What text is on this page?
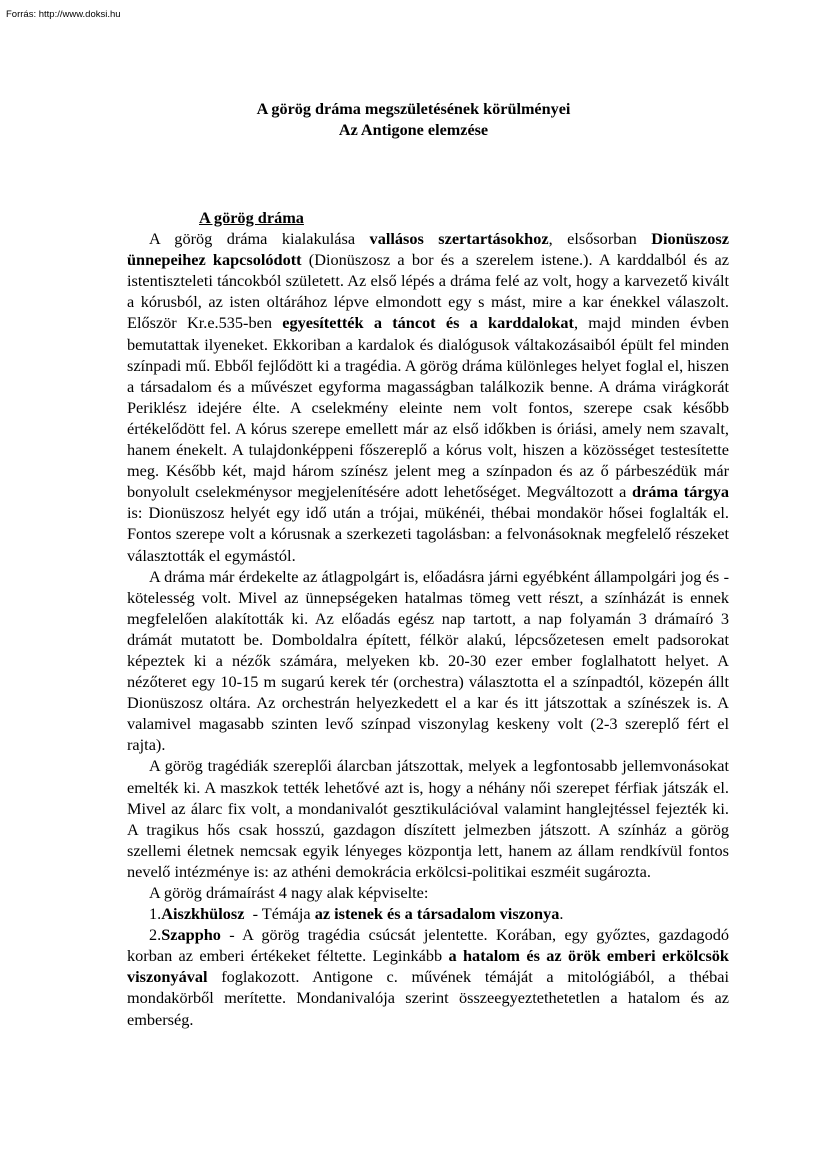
Forrás: http://www.doksi.hu
A görög dráma megszületésének körülményei
Az Antigone elemzése
A görög dráma

A görög dráma kialakulása vallásos szertartásokhoz, elsősorban Dionüszosz ünnepeihez kapcsolódott (Dionüszosz a bor és a szerelem istene.). A karddalból és az istentiszteleti táncokból született. Az első lépés a dráma felé az volt, hogy a karvezető kivált a kórusból, az isten oltárához lépve elmondott egy s mást, mire a kar énekkel válaszolt. Először Kr.e.535-ben egyesítették a táncot és a karddalokat, majd minden évben bemutattak ilyeneket. Ekkoriban a kardalok és dialógusok váltakozásaiból épült fel minden színpadi mű. Ebből fejlődött ki a tragédia. A görög dráma különleges helyet foglal el, hiszen a társadalom és a művészet egyforma magasságban találkozik benne. A dráma virágkorát Periklész idejére élte. A cselekmény eleinte nem volt fontos, szerepe csak később értékelődött fel. A kórus szerepe emellett már az első időkben is óriási, amely nem szavalt, hanem énekelt. A tulajdonképpeni főszereplő a kórus volt, hiszen a közösséget testesítette meg. Később két, majd három színész jelent meg a színpadon és az ő párbeszédük már bonyolult cselekménysor megjelenítésére adott lehetőséget. Megváltozott a dráma tárgya is: Dionüszosz helyét egy idő után a trójai, mükénéi, thébai mondakör hősei foglalták el. Fontos szerepe volt a kórusnak a szerkezeti tagolásban: a felvonásoknak megfelelő részeket választották el egymástól.

A dráma már érdekelte az átlagpolgárt is, előadásra járni egyébként állampolgári jog és - kötelesség volt. Mivel az ünnepségeken hatalmas tömeg vett részt, a színházát is ennek megfelelően alakították ki. Az előadás egész nap tartott, a nap folyamán 3 drámaíró 3 drámát mutatott be. Domboldalra épített, félkör alakú, lépcsőzetesen emelt padsorokat képeztek ki a nézők számára, melyeken kb. 20-30 ezer ember foglalhatott helyet. A nézőteret egy 10-15 m sugarú kerek tér (orchestra) választotta el a színpadtól, közepén állt Dionüszosz oltára. Az orchestrán helyezkedett el a kar és itt játszottak a színészek is. A valamivel magasabb szinten levő színpad viszonylag keskeny volt (2-3 szereplő fért el rajta).

A görög tragédiák szereplői álarcban játszottak, melyek a legfontosabb jellemvonásokat emelték ki. A maszkok tették lehetővé azt is, hogy a néhány női szerepet férfiak játszák el. Mivel az álarc fix volt, a mondanivalót gesztikulációval valamint hanglejtéssel fejezték ki. A tragikus hős csak hosszú, gazdagon díszített jelmezben játszott. A színház a görög szellemi életnek nemcsak egyik lényeges központja lett, hanem az állam rendkívül fontos nevelő intézménye is: az athéni demokrácia erkölcsi-politikai eszméit sugározta.

A görög drámaírást 4 nagy alak képviselte:

1.Aiszkhülosz  - Témája az istenek és a társadalom viszonya.

2.Szappho - A görög tragédia csúcsát jelentette. Korában, egy győztes, gazdagodó korban az emberi értékeket féltette. Leginkább a hatalom és az örök emberi erkölcsök viszonyával foglakozott. Antigone c. művének témáját a mitológiából, a thébai mondakörből merítette. Mondanivalója szerint összeegyeztethetetlen a hatalom és az emberség.
